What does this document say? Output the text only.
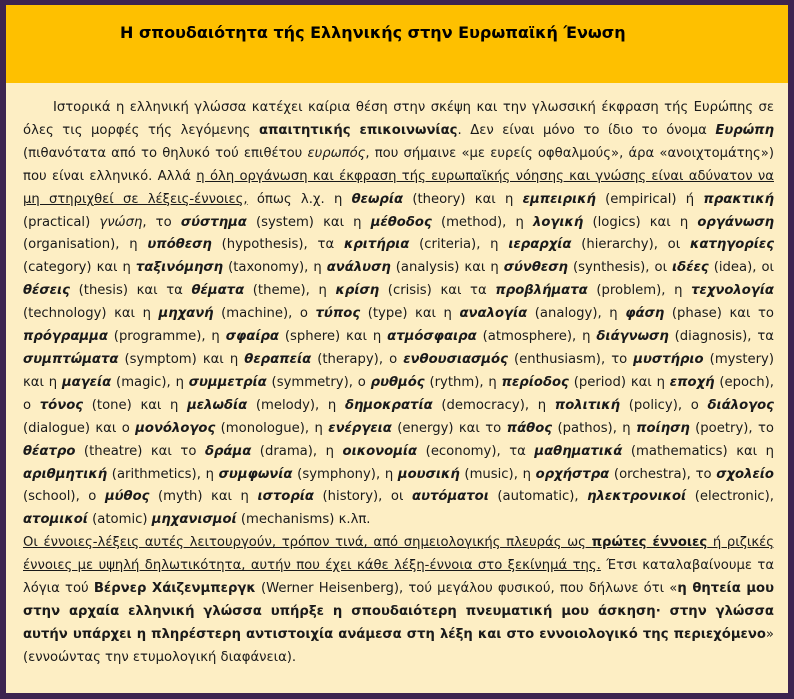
Η σπουδαιότητα τής Ελληνικής στην Ευρωπαϊκή Ένωση

Ιστορικά η ελληνική γλώσσα κατέχει καίρια θέση στην σκέψη και την γλωσσική έκφραση τής Ευρώπης σε όλες τις μορφές τής λεγόμενης απαιτητικής επικοινωνίας. Δεν είναι μόνο το ίδιο το όνομα Ευρώπη (πιθανότατα από το θηλυκό τού επιθέτου ευρωπός, που σήμαινε «με ευρείς οφθαλμούς», άρα «ανοιχτομάτης») που είναι ελληνικό. Αλλά η όλη οργάνωση και έκφραση τής ευρωπαϊκής νόησης και γνώσης είναι αδύνατον να μη στηριχθεί σε λέξεις-έννοιες, όπως λ.χ. η θεωρία (theory) και η εμπειρική (empirical) ή πρακτική (practical) γνώση, το σύστημα (system) και η μέθοδος (method), η λογική (logics) και η οργάνωση (organisation), η υπόθεση (hypothesis), τα κριτήρια (criteria), η ιεραρχία (hierarchy), οι κατηγορίες (category) και η ταξινόμηση (taxonomy), η ανάλυση (analysis) και η σύνθεση (synthesis), οι ιδέες (idea), οι θέσεις (thesis) και τα θέματα (theme), η κρίση (crisis) και τα προβλήματα (problem), η τεχνολογία (technology) και η μηχανή (machine), ο τύπος (type) και η αναλογία (analogy), η φάση (phase) και το πρόγραμμα (programme), η σφαίρα (sphere) και η ατμόσφαιρα (atmosphere), η διάγνωση (diagnosis), τα συμπτώματα (symptom) και η θεραπεία (therapy), ο ενθουσιασμός (enthusiasm), το μυστήριο (mystery) και η μαγεία (magic), η συμμετρία (symmetry), ο ρυθμός (rythm), η περίοδος (period) και η εποχή (epoch), ο τόνος (tone) και η μελωδία (melody), η δημοκρατία (democracy), η πολιτική (policy), ο διάλογος (dialogue) και ο μονόλογος (monologue), η ενέργεια (energy) και το πάθος (pathos), η ποίηση (poetry), το θέατρο (theatre) και το δράμα (drama), η οικονομία (economy), τα μαθηματικά (mathematics) και η αριθμητική (arithmetics), η συμφωνία (symphony), η μουσική (music), η ορχήστρα (orchestra), το σχολείο (school), ο μύθος (myth) και η ιστορία (history), οι αυτόματοι (automatic), ηλεκτρονικοί (electronic), ατομικοί (atomic) μηχανισμοί (mechanisms) κ.λπ.

Οι έννοιες-λέξεις αυτές λειτουργούν, τρόπον τινά, από σημειολογικής πλευράς ως πρώτες έννοιες ή ριζικές έννοιες με υψηλή δηλωτικότητα, αυτήν που έχει κάθε λέξη-έννοια στο ξεκίνημά της. Έτσι καταλαβαίνουμε τα λόγια τού Βέρνερ Χάιζενμπεργκ (Werner Heisenberg), τού μεγάλου φυσικού, που δήλωνε ότι «η θητεία μου στην αρχαία ελληνική γλώσσα υπήρξε η σπουδαιότερη πνευματική μου άσκηση· στην γλώσσα αυτήν υπάρχει η πληρέστερη αντιστοιχία ανάμεσα στη λέξη και στο εννοιολογικό της περιεχόμενο» (εννοώντας την ετυμολογική διαφάνεια).
